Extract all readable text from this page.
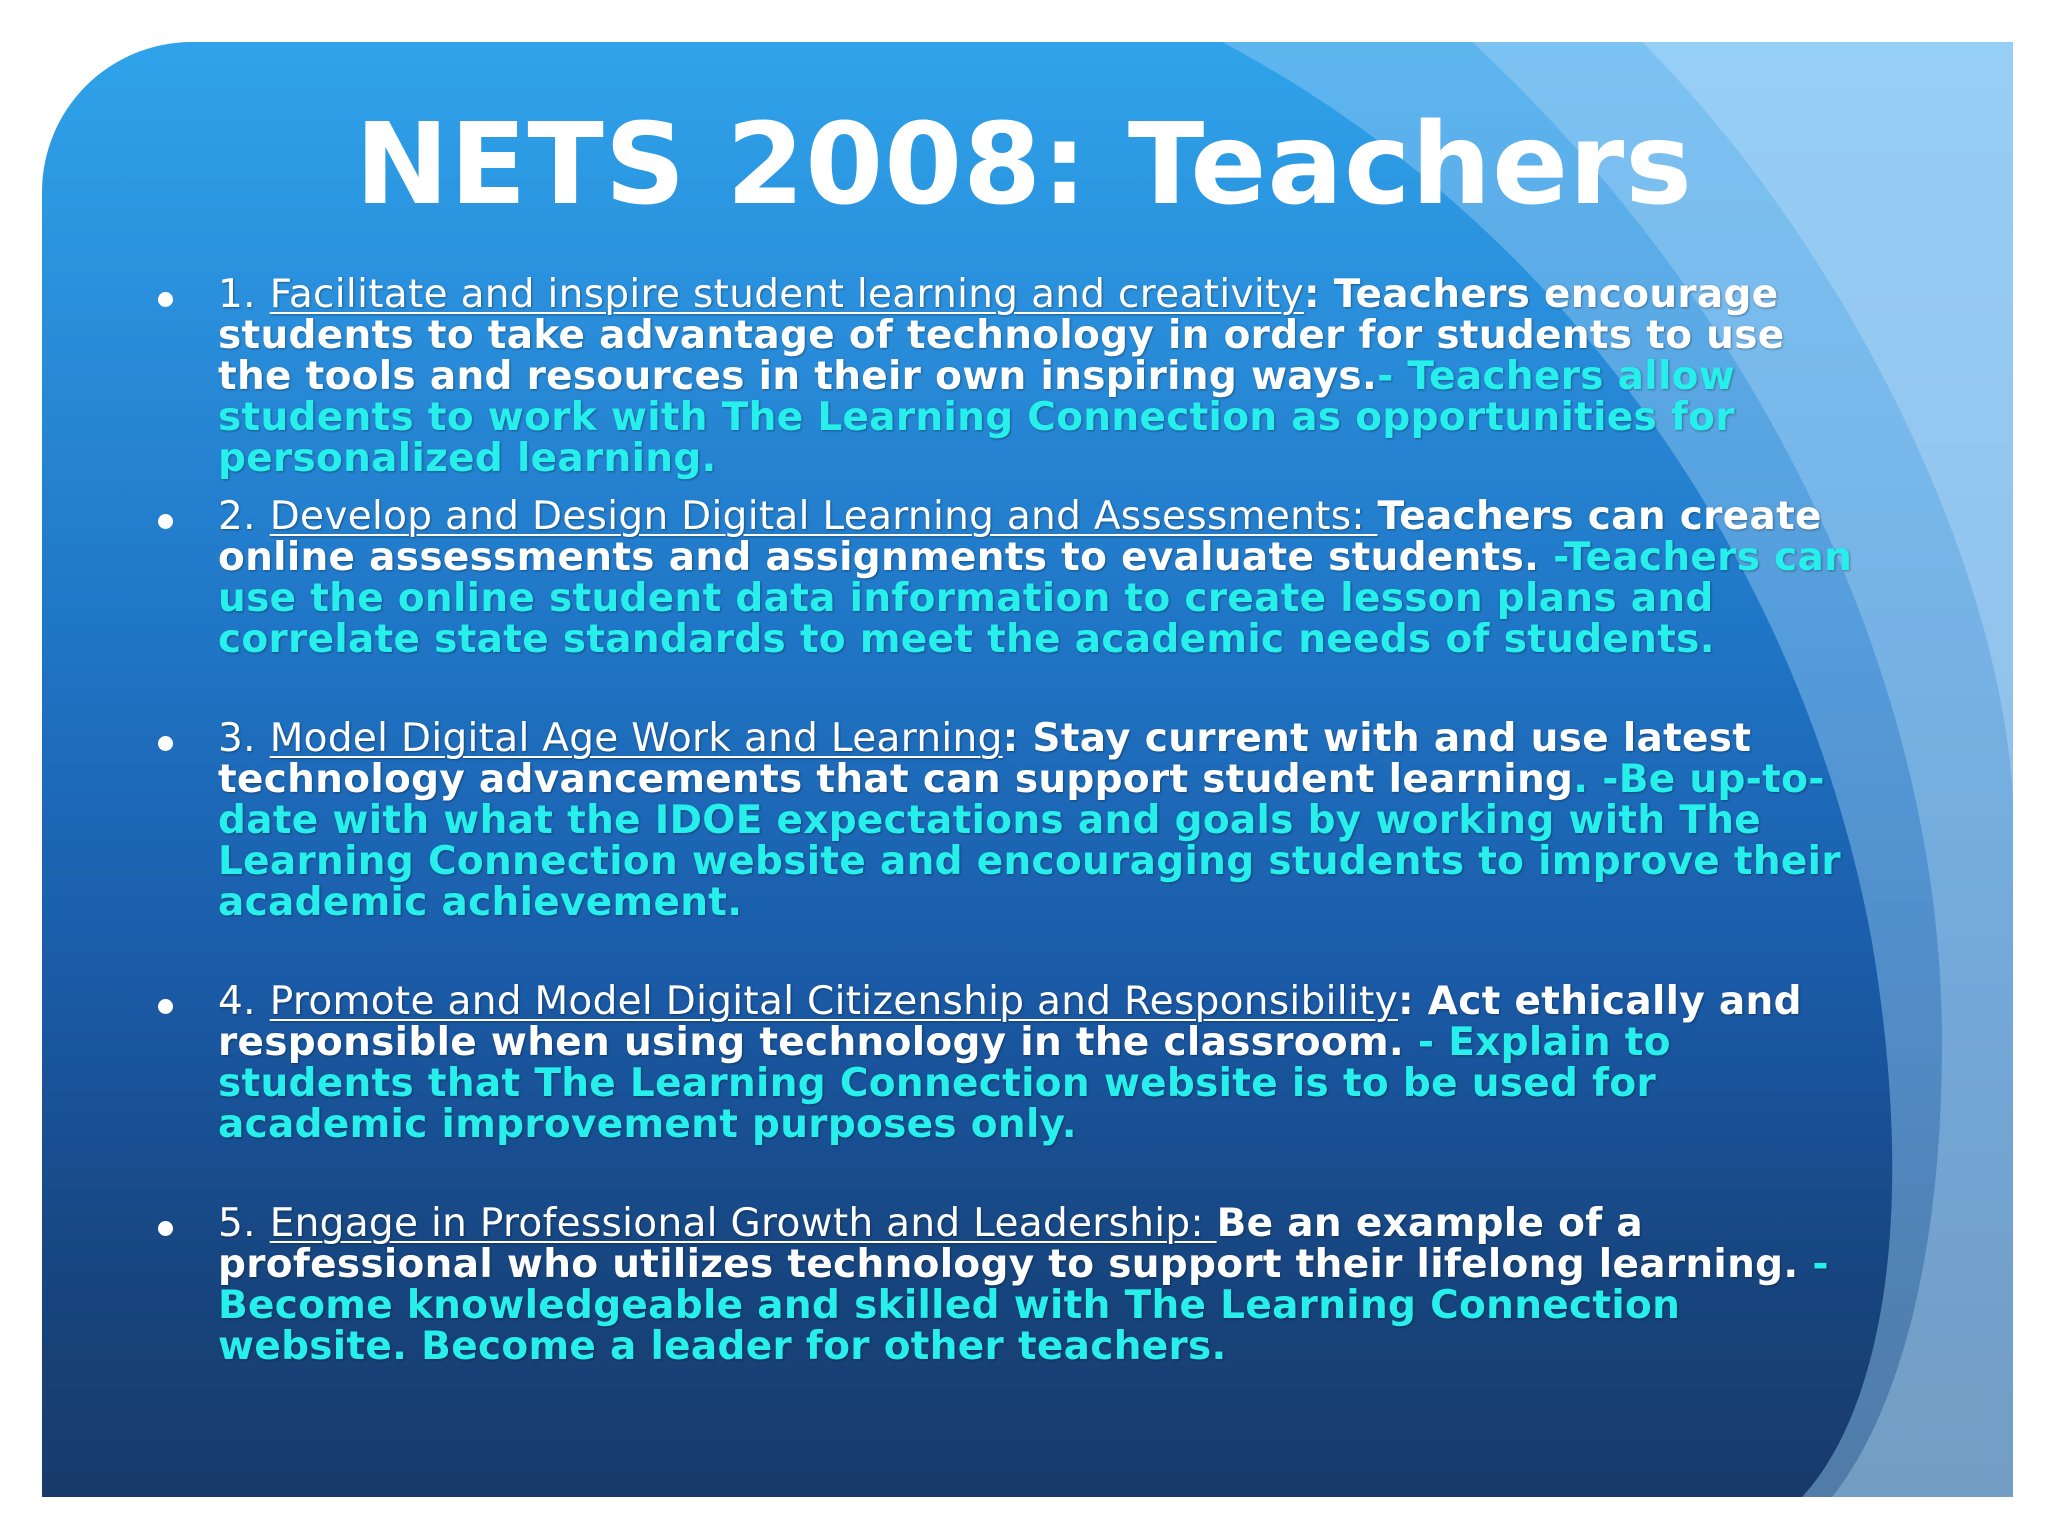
NETS 2008: Teachers
1. Facilitate and inspire student learning and creativity: Teachers encourage students to take advantage of technology in order for students to use the tools and resources in their own inspiring ways.- Teachers allow students to work with The Learning Connection as opportunities for personalized learning.
2. Develop and Design Digital Learning and Assessments: Teachers can create online assessments and assignments to evaluate students. -Teachers can use the online student data information to create lesson plans and correlate state standards to meet the academic needs of students.
3. Model Digital Age Work and Learning: Stay current with and use latest technology advancements that can support student learning. -Be up-to-date with what the IDOE expectations and goals by working with The Learning Connection website and encouraging students to improve their academic achievement.
4. Promote and Model Digital Citizenship and Responsibility: Act ethically and responsible when using technology in the classroom. - Explain to students that The Learning Connection website is to be used for academic improvement purposes only.
5. Engage in Professional Growth and Leadership: Be an example of a professional who utilizes technology to support their lifelong learning. - Become knowledgeable and skilled with The Learning Connection website. Become a leader for other teachers.
